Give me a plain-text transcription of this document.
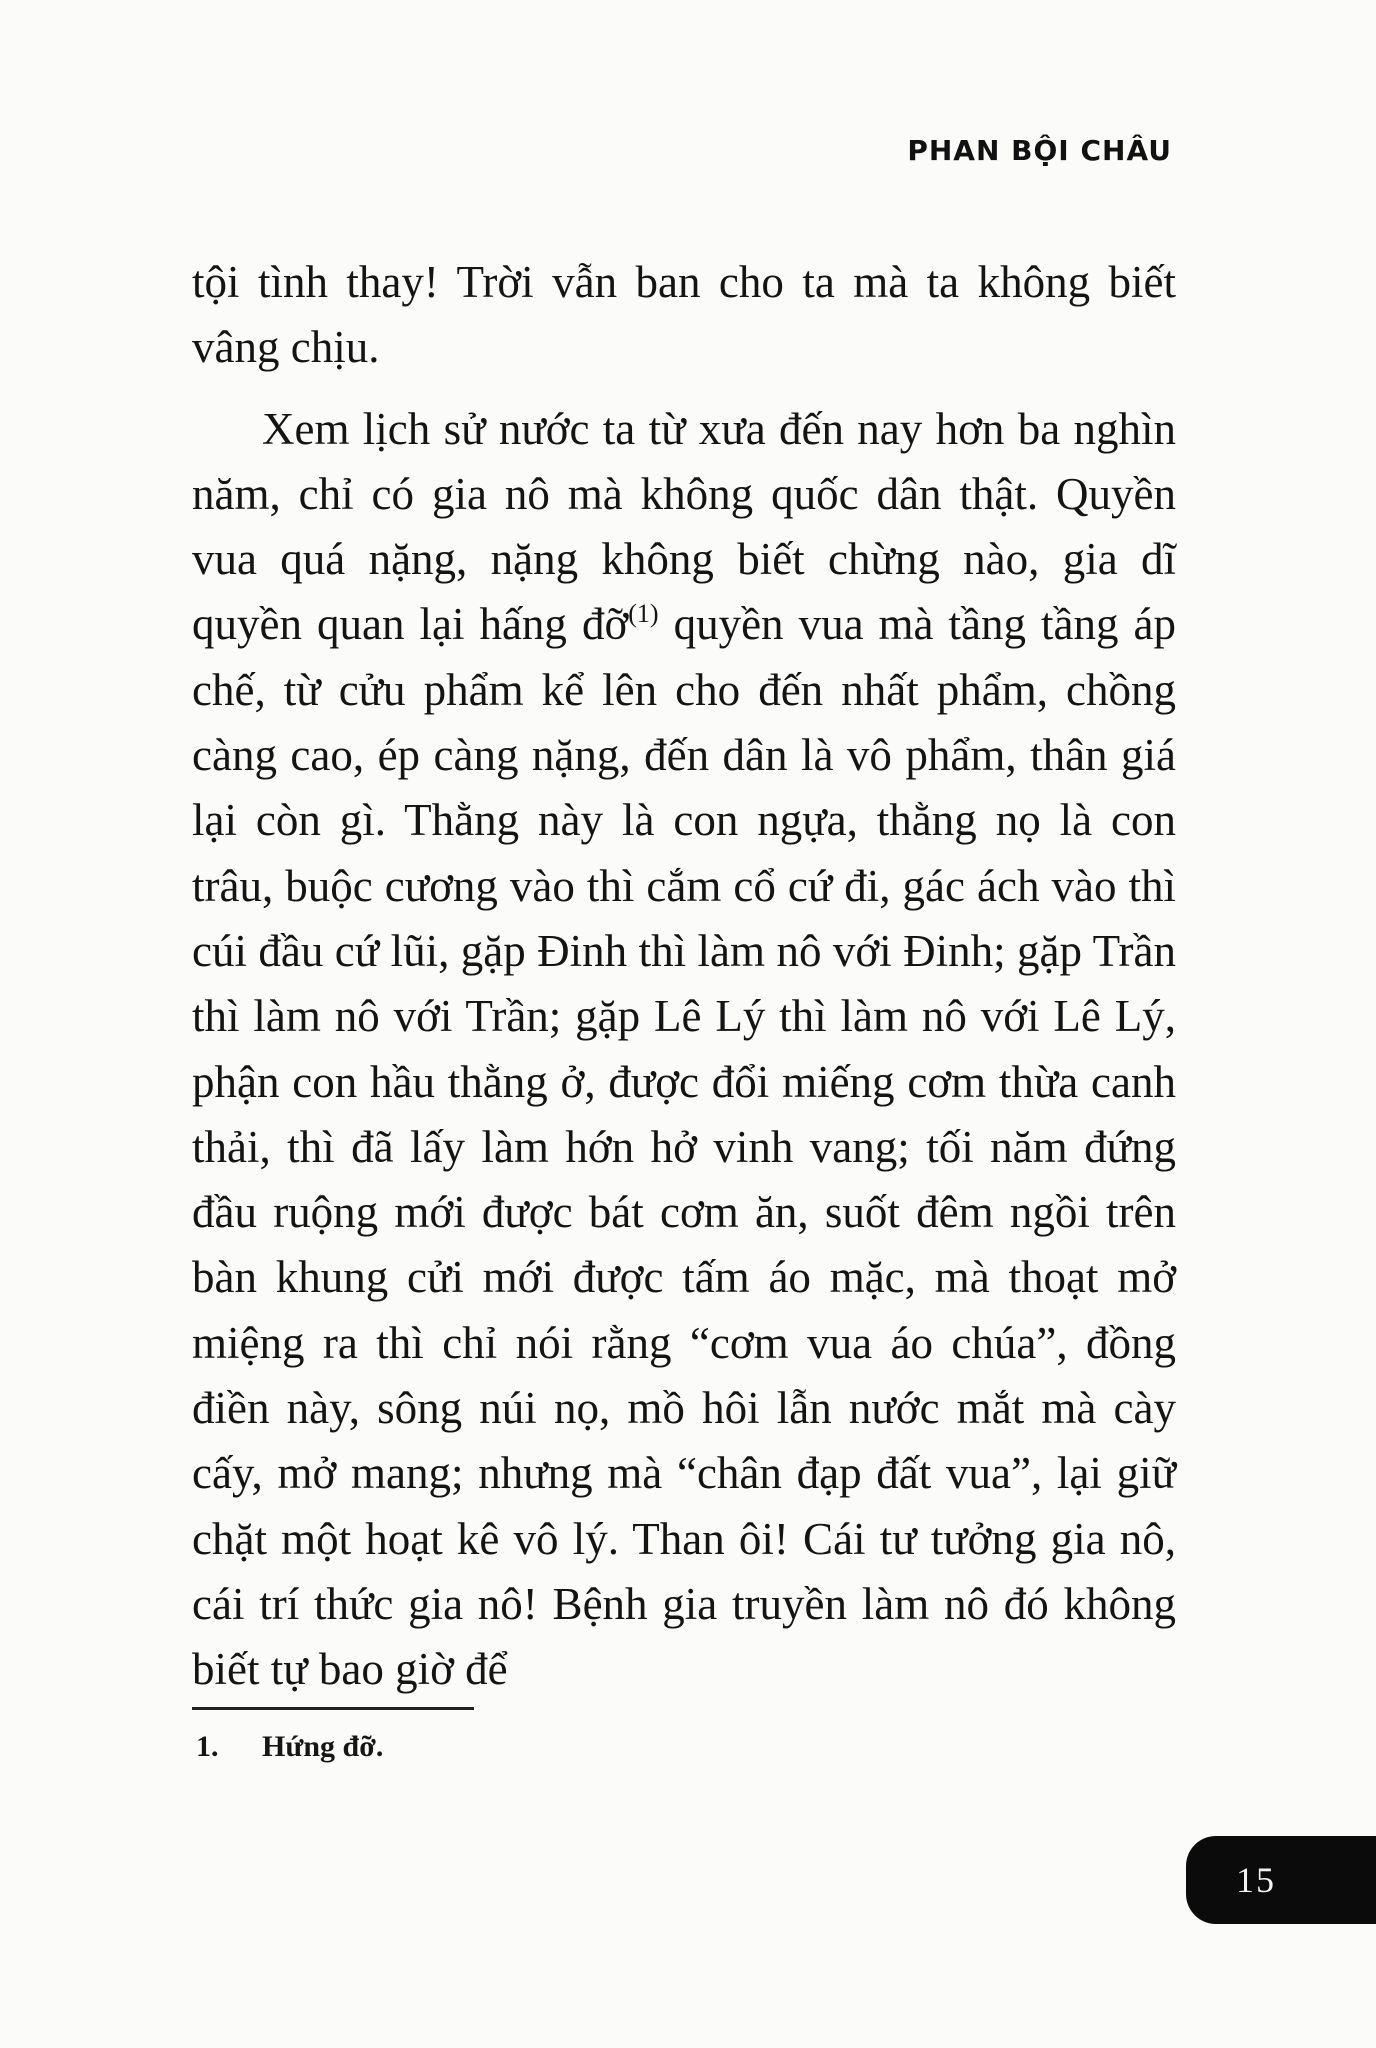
PHAN BỘI CHÂU

tội tình thay! Trời vẫn ban cho ta mà ta không biết vâng chịu.

Xem lịch sử nước ta từ xưa đến nay hơn ba nghìn năm, chỉ có gia nô mà không quốc dân thật. Quyền vua quá nặng, nặng không biết chừng nào, gia dĩ quyền quan lại hấng đỡ$^{(1)}$ quyền vua mà tầng tầng áp chế, từ cửu phẩm kể lên cho đến nhất phẩm, chồng càng cao, ép càng nặng, đến dân là vô phẩm, thân giá lại còn gì. Thằng này là con ngựa, thằng nọ là con trâu, buộc cương vào thì cắm cổ cứ đi, gác ách vào thì cúi đầu cứ lũi, gặp Đinh thì làm nô với Đinh; gặp Trần thì làm nô với Trần; gặp Lê Lý thì làm nô với Lê Lý, phận con hầu thằng ở, được đổi miếng cơm thừa canh thải, thì đã lấy làm hớn hở vinh vang; tối năm đứng đầu ruộng mới được bát cơm ăn, suốt đêm ngồi trên bàn khung cửi mới được tấm áo mặc, mà thoạt mở miệng ra thì chỉ nói rằng “cơm vua áo chúa”, đồng điền này, sông núi nọ, mồ hôi lẫn nước mắt mà cày cấy, mở mang; nhưng mà “chân đạp đất vua”, lại giữ chặt một hoạt kê vô lý. Than ôi! Cái tư tưởng gia nô, cái trí thức gia nô! Bệnh gia truyền làm nô đó không biết tự bao giờ để

1. Hứng đỡ.
15
